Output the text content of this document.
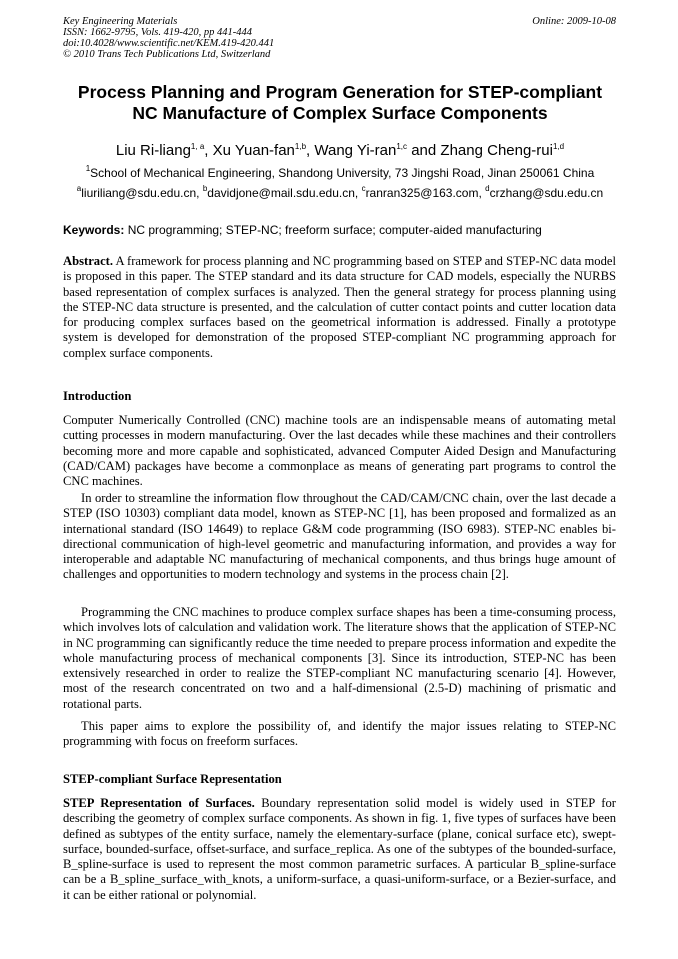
Key Engineering Materials
ISSN: 1662-9795, Vols. 419-420, pp 441-444
doi:10.4028/www.scientific.net/KEM.419-420.441
© 2010 Trans Tech Publications Ltd, Switzerland
Online: 2009-10-08
Process Planning and Program Generation for STEP-compliant
NC Manufacture of Complex Surface Components
Liu Ri-liang$^{1, a}$, Xu Yuan-fan$^{1,b}$, Wang Yi-ran$^{1,c}$ and Zhang Cheng-rui$^{1,d}$
$^1$School of Mechanical Engineering, Shandong University, 73 Jingshi Road, Jinan 250061 China
$^a$liuriliang@sdu.edu.cn, $^b$davidjone@mail.sdu.edu.cn, $^c$ranran325@163.com, $^d$crzhang@sdu.edu.cn
Keywords: NC programming; STEP-NC; freeform surface; computer-aided manufacturing
Abstract. A framework for process planning and NC programming based on STEP and STEP-NC data model is proposed in this paper. The STEP standard and its data structure for CAD models, especially the NURBS based representation of complex surfaces is analyzed. Then the general strategy for process planning using the STEP-NC data structure is presented, and the calculation of cutter contact points and cutter location data for producing complex surfaces based on the geometrical information is addressed. Finally a prototype system is developed for demonstration of the proposed STEP-compliant NC programming approach for complex surface components.
Introduction
Computer Numerically Controlled (CNC) machine tools are an indispensable means of automating metal cutting processes in modern manufacturing. Over the last decades while these machines and their controllers becoming more and more capable and sophisticated, advanced Computer Aided Design and Manufacturing (CAD/CAM) packages have become a commonplace as means of generating part programs to control the CNC machines.
In order to streamline the information flow throughout the CAD/CAM/CNC chain, over the last decade a STEP (ISO 10303) compliant data model, known as STEP-NC [1], has been proposed and formalized as an international standard (ISO 14649) to replace G&M code programming (ISO 6983). STEP-NC enables bi-directional communication of high-level geometric and manufacturing information, and provides a way for interoperable and adaptable NC manufacturing of mechanical components, and thus brings huge amount of challenges and opportunities to modern technology and systems in the process chain [2].
Programming the CNC machines to produce complex surface shapes has been a time-consuming process, which involves lots of calculation and validation work. The literature shows that the application of STEP-NC in NC programming can significantly reduce the time needed to prepare process information and expedite the whole manufacturing process of mechanical components [3]. Since its introduction, STEP-NC has been extensively researched in order to realize the STEP-compliant NC manufacturing scenario [4]. However, most of the research concentrated on two and a half-dimensional (2.5-D) machining of prismatic and rotational parts.
This paper aims to explore the possibility of, and identify the major issues relating to STEP-NC programming with focus on freeform surfaces.
STEP-compliant Surface Representation
STEP Representation of Surfaces. Boundary representation solid model is widely used in STEP for describing the geometry of complex surface components. As shown in fig. 1, five types of surfaces have been defined as subtypes of the entity surface, namely the elementary-surface (plane, conical surface etc), swept-surface, bounded-surface, offset-surface, and surface_replica. As one of the subtypes of the bounded-surface, B_spline-surface is used to represent the most common parametric surfaces. A particular B_spline-surface can be a B_spline_surface_with_knots, a uniform-surface, a quasi-uniform-surface, or a Bezier-surface, and it can be either rational or polynomial.
